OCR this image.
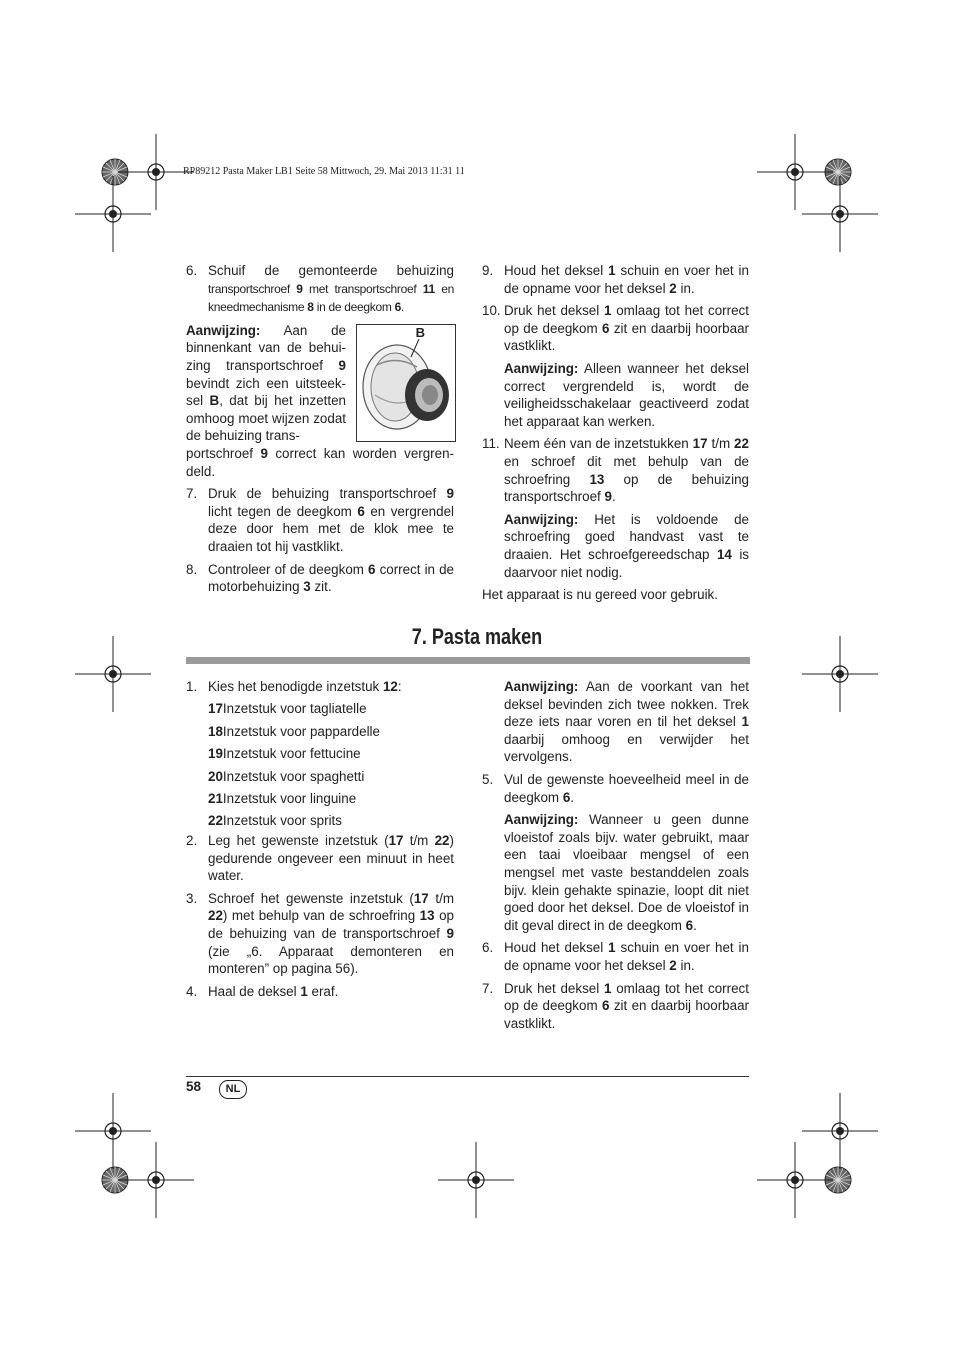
RP89212 Pasta Maker LB1 Seite 58 Mittwoch, 29. Mai 2013 11:31 11
6. Schuif de gemonteerde behuizing transportschroef 9 met transportschroef 11 en kneedmechanisme 8 in de deegkom 6.
Aanwijzing: Aan de binnenkant van de behui- zing transportschroef 9 bevindt zich een uitsteek- sel B, dat bij het inzetten omhoog moet wijzen zodat de behuizing trans-
portschroef 9 correct kan worden vergren- deld.
7. Druk de behuizing transportschroef 9 licht tegen de deegkom 6 en vergrendel deze door hem met de klok mee te draaien tot hij vastklikt.
8. Controleer of de deegkom 6 correct in de motorbehuizing 3 zit.
B
9. Houd het deksel 1 schuin en voer het in de opname voor het deksel 2 in.
10. Druk het deksel 1 omlaag tot het correct op de deegkom 6 zit en daarbij hoorbaar vastklikt.
Aanwijzing: Alleen wanneer het deksel correct vergrendeld is, wordt de veiligheidsschakelaar geactiveerd zodat het apparaat kan werken.
11. Neem één van de inzetstukken 17 t/m 22 en schroef dit met behulp van de schroefring 13 op de behuizing transportschroef 9.
Aanwijzing: Het is voldoende de schroefring goed handvast vast te draaien. Het schroefgereedschap 14 is daarvoor niet nodig.

Het apparaat is nu gereed voor gebruik.

7. Pasta maken
1. Kies het benodigde inzetstuk 12:
17Inzetstuk voor tagliatelle
18Inzetstuk voor pappardelle
19Inzetstuk voor fettucine
20Inzetstuk voor spaghetti
21Inzetstuk voor linguine
22Inzetstuk voor sprits
2. Leg het gewenste inzetstuk (17 t/m 22) gedurende ongeveer een minuut in heet water.
3. Schroef het gewenste inzetstuk (17 t/m 22) met behulp van de schroefring 13 op de behuizing van de transportschroef 9 (zie „6. Apparaat demonteren en monteren” op pagina 56).
4. Haal de deksel 1 eraf.
Aanwijzing: Aan de voorkant van het deksel bevinden zich twee nokken. Trek deze iets naar voren en til het deksel 1 daarbij omhoog en verwijder het vervolgens.
5. Vul de gewenste hoeveelheid meel in de deegkom 6.
Aanwijzing: Wanneer u geen dunne vloeistof zoals bijv. water gebruikt, maar een taai vloeibaar mengsel of een mengsel met vaste bestanddelen zoals bijv. klein gehakte spinazie, loopt dit niet goed door het deksel. Doe de vloeistof in dit geval direct in de deegkom 6.
6. Houd het deksel 1 schuin en voer het in de opname voor het deksel 2 in.
7. Druk het deksel 1 omlaag tot het correct op de deegkom 6 zit en daarbij hoorbaar vastklikt.
58	NL
